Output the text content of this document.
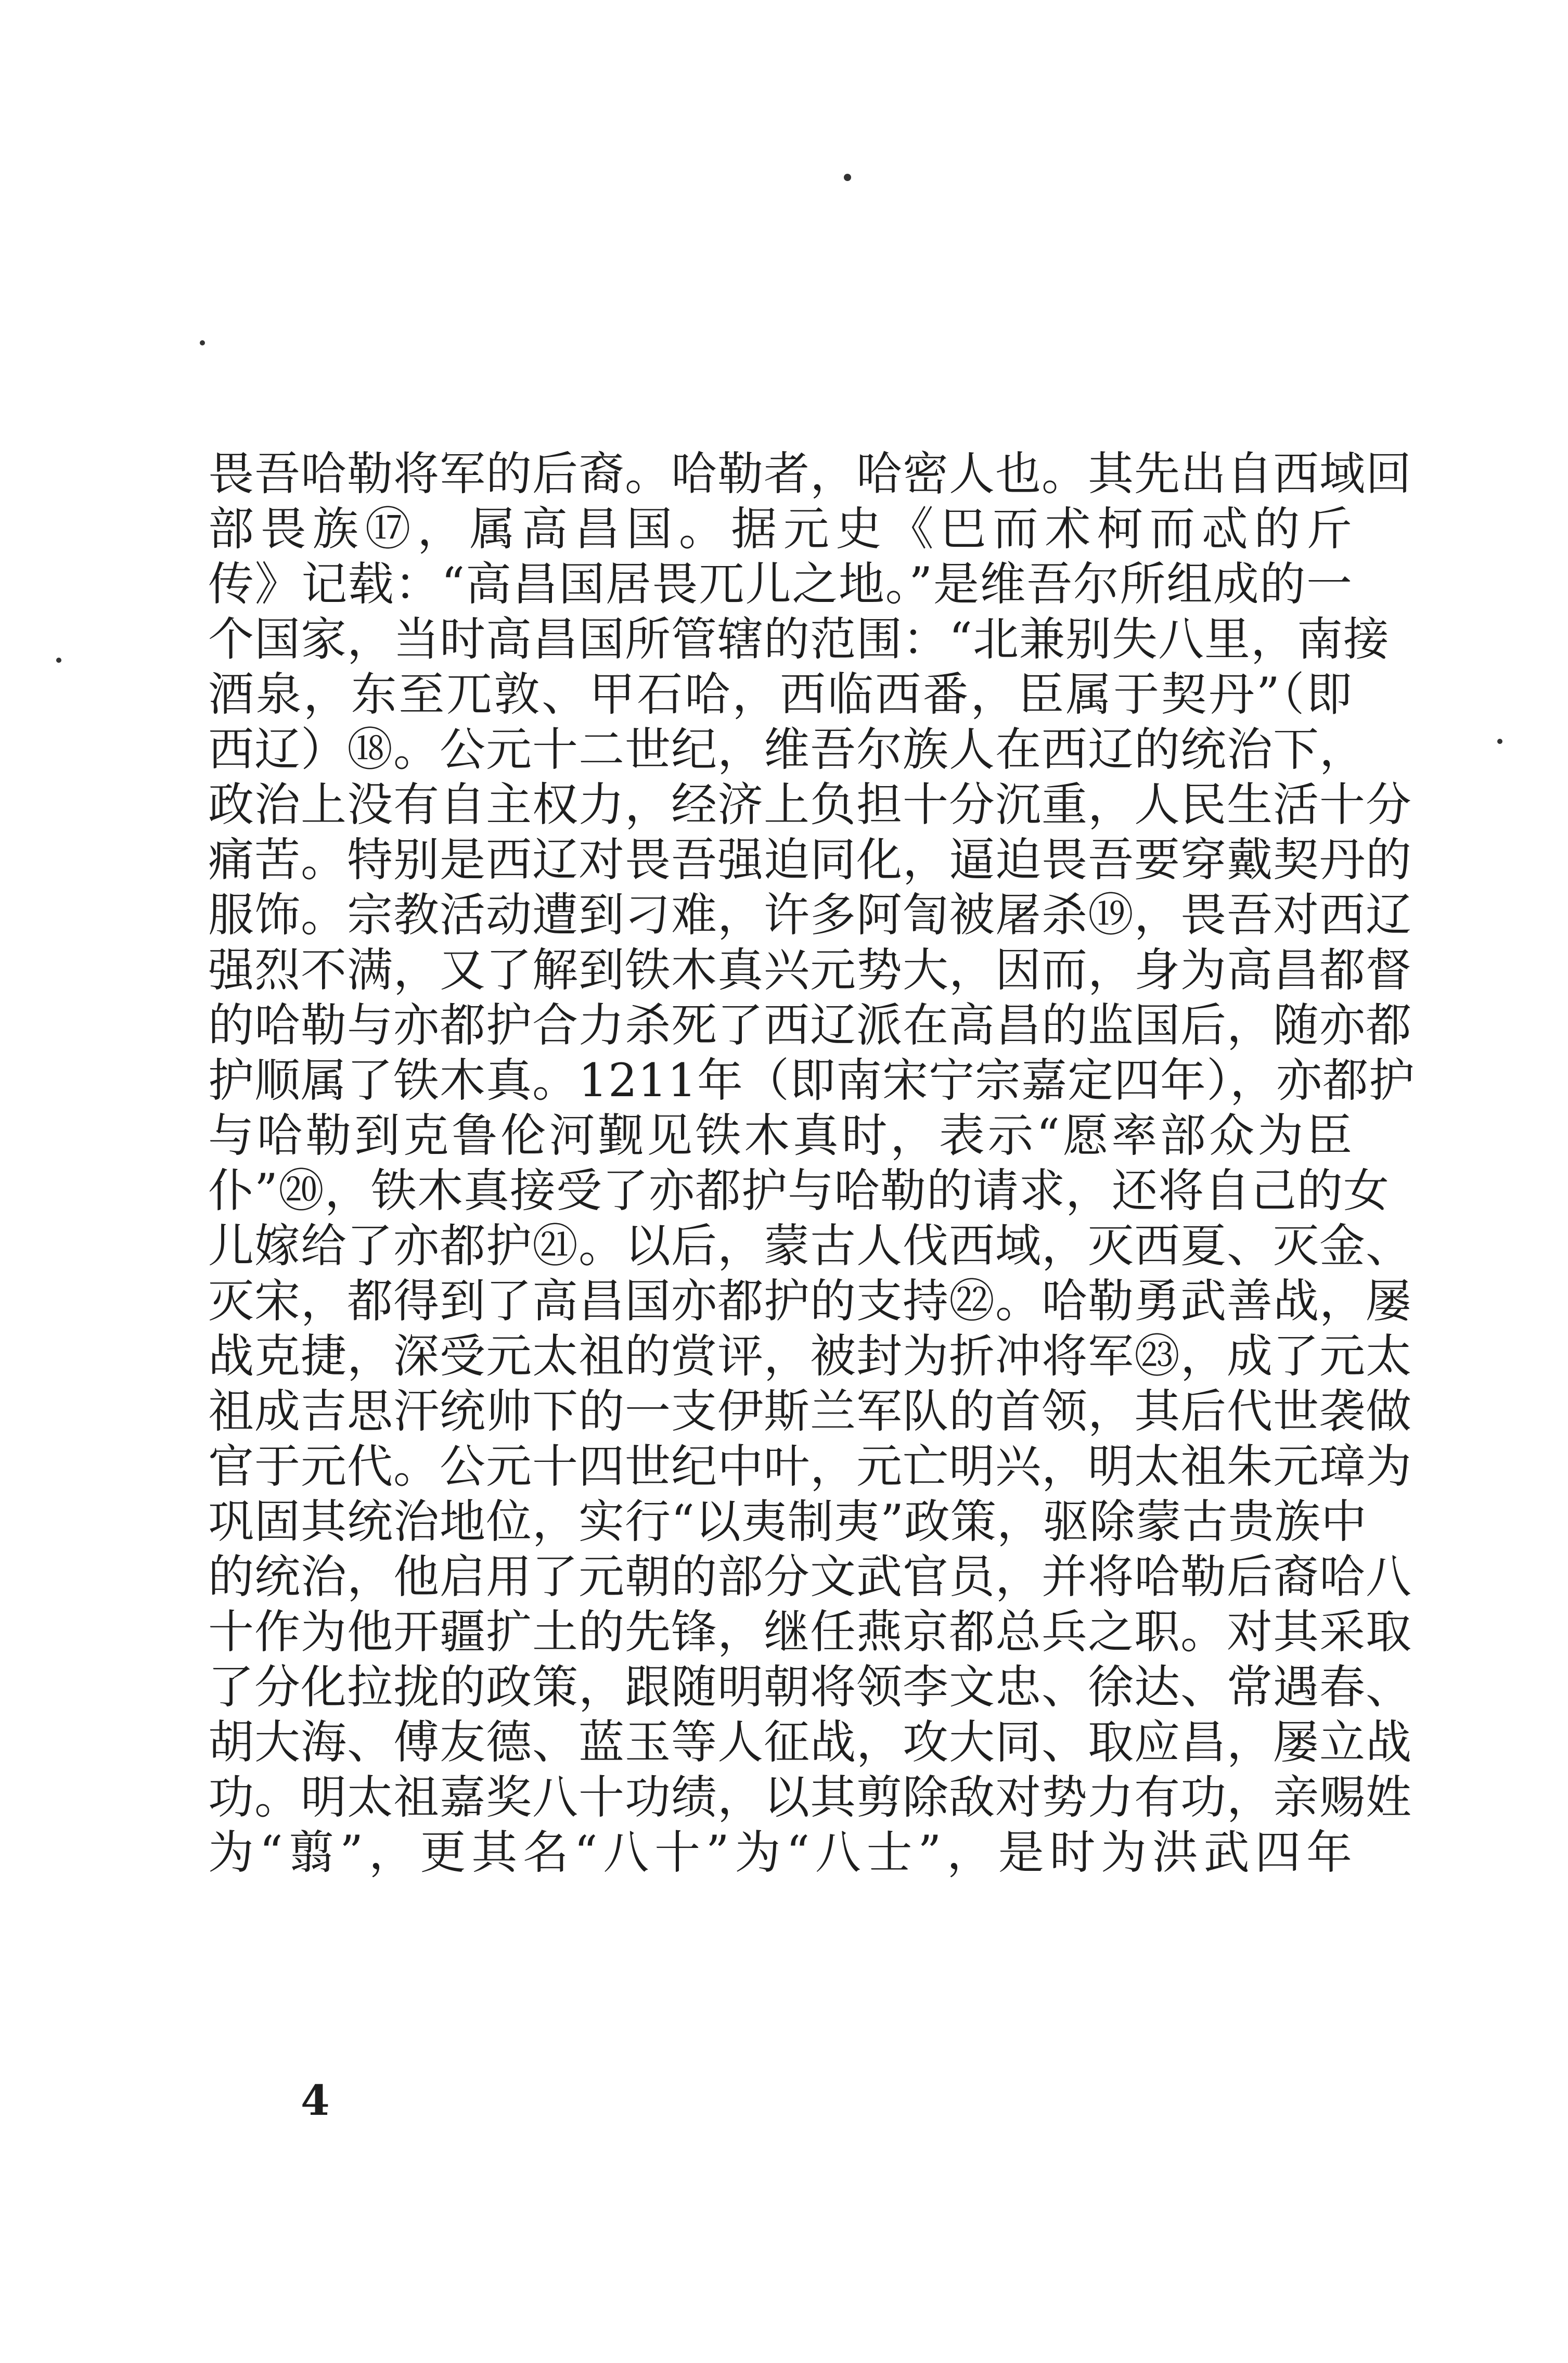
畏吾哈勒将军的后裔。哈勒者，哈密人也。其先出自西域回
部畏族⑰，属高昌国。据元史《巴而术柯而忒的斤
传》记载：“高昌国居畏兀儿之地。”是维吾尔所组成的一
个国家，当时高昌国所管辖的范围：“北兼别失八里，南接
酒泉，东至兀敦、甲石哈，西临西番，臣属于契丹”（即
西辽）⑱。公元十二世纪，维吾尔族人在西辽的统治下，
政治上没有自主权力，经济上负担十分沉重，人民生活十分
痛苦。特别是西辽对畏吾强迫同化，逼迫畏吾要穿戴契丹的
服饰。宗教活动遭到刁难，许多阿訇被屠杀⑲，畏吾对西辽
强烈不满，又了解到铁木真兴元势大，因而，身为高昌都督
的哈勒与亦都护合力杀死了西辽派在高昌的监国后，随亦都
护顺属了铁木真。1211年（即南宋宁宗嘉定四年），亦都护
与哈勒到克鲁伦河觐见铁木真时，表示“愿率部众为臣
仆”⑳，铁木真接受了亦都护与哈勒的请求，还将自己的女
儿嫁给了亦都护㉑。以后，蒙古人伐西域，灭西夏、灭金、
灭宋，都得到了高昌国亦都护的支持㉒。哈勒勇武善战，屡
战克捷，深受元太祖的赏评，被封为折冲将军㉓，成了元太
祖成吉思汗统帅下的一支伊斯兰军队的首领，其后代世袭做
官于元代。公元十四世纪中叶，元亡明兴，明太祖朱元璋为
巩固其统治地位，实行“以夷制夷”政策，驱除蒙古贵族中
的统治，他启用了元朝的部分文武官员，并将哈勒后裔哈八
十作为他开疆扩土的先锋，继任燕京都总兵之职。对其采取
了分化拉拢的政策，跟随明朝将领李文忠、徐达、常遇春、
胡大海、傅友德、蓝玉等人征战，攻大同、取应昌，屡立战
功。明太祖嘉奖八十功绩，以其剪除敌对势力有功，亲赐姓
为“翦”，更其名“八十”为“八士”，是时为洪武四年
4
